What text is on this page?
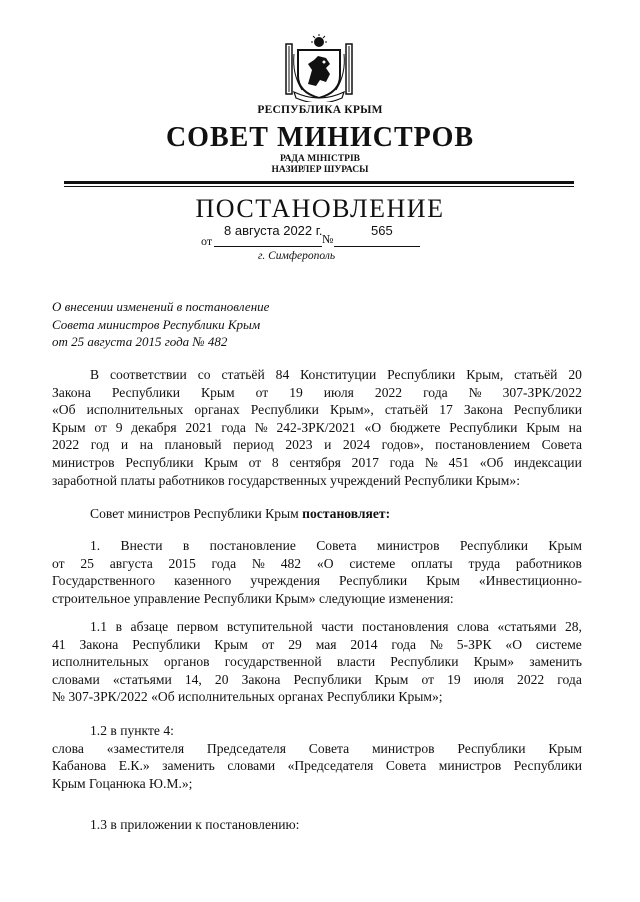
РЕСПУБЛИКА КРЫМ
СОВЕТ МИНИСТРОВ
РАДА МІНІСТРІВ
НАЗИРЛЕР ШУРАСЫ
ПОСТАНОВЛЕНИЕ
от
8 августа 2022 г.
№
565
г. Симферополь
О внесении изменений в постановление
Совета министров Республики Крым
от 25 августа 2015 года № 482
В соответствии со статьёй 84 Конституции Республики Крым, статьёй 20
Закона Республики Крым от 19 июля 2022 года № 307-ЗРК/2022
«Об исполнительных органах Республики Крым», статьёй 17 Закона Республики
Крым от 9 декабря 2021 года № 242-ЗРК/2021 «О бюджете Республики Крым на
2022 год и на плановый период 2023 и 2024 годов», постановлением Совета
министров Республики Крым от 8 сентября 2017 года № 451 «Об индексации
заработной платы работников государственных учреждений Республики Крым»:
Совет министров Республики Крым постановляет:
1. Внести в постановление Совета министров Республики Крым
от 25 августа 2015 года № 482 «О системе оплаты труда работников
Государственного казенного учреждения Республики Крым «Инвестиционно-
строительное управление Республики Крым» следующие изменения:
1.1 в абзаце первом вступительной части постановления слова «статьями 28,
41 Закона Республики Крым от 29 мая 2014 года № 5-ЗРК «О системе
исполнительных органов государственной власти Республики Крым» заменить
словами «статьями 14, 20 Закона Республики Крым от 19 июля 2022 года
№ 307-ЗРК/2022 «Об исполнительных органах Республики Крым»;
1.2 в пункте 4:
слова «заместителя Председателя Совета министров Республики Крым
Кабанова Е.К.» заменить словами «Председателя Совета министров Республики
Крым Гоцанюка Ю.М.»;
1.3 в приложении к постановлению:
